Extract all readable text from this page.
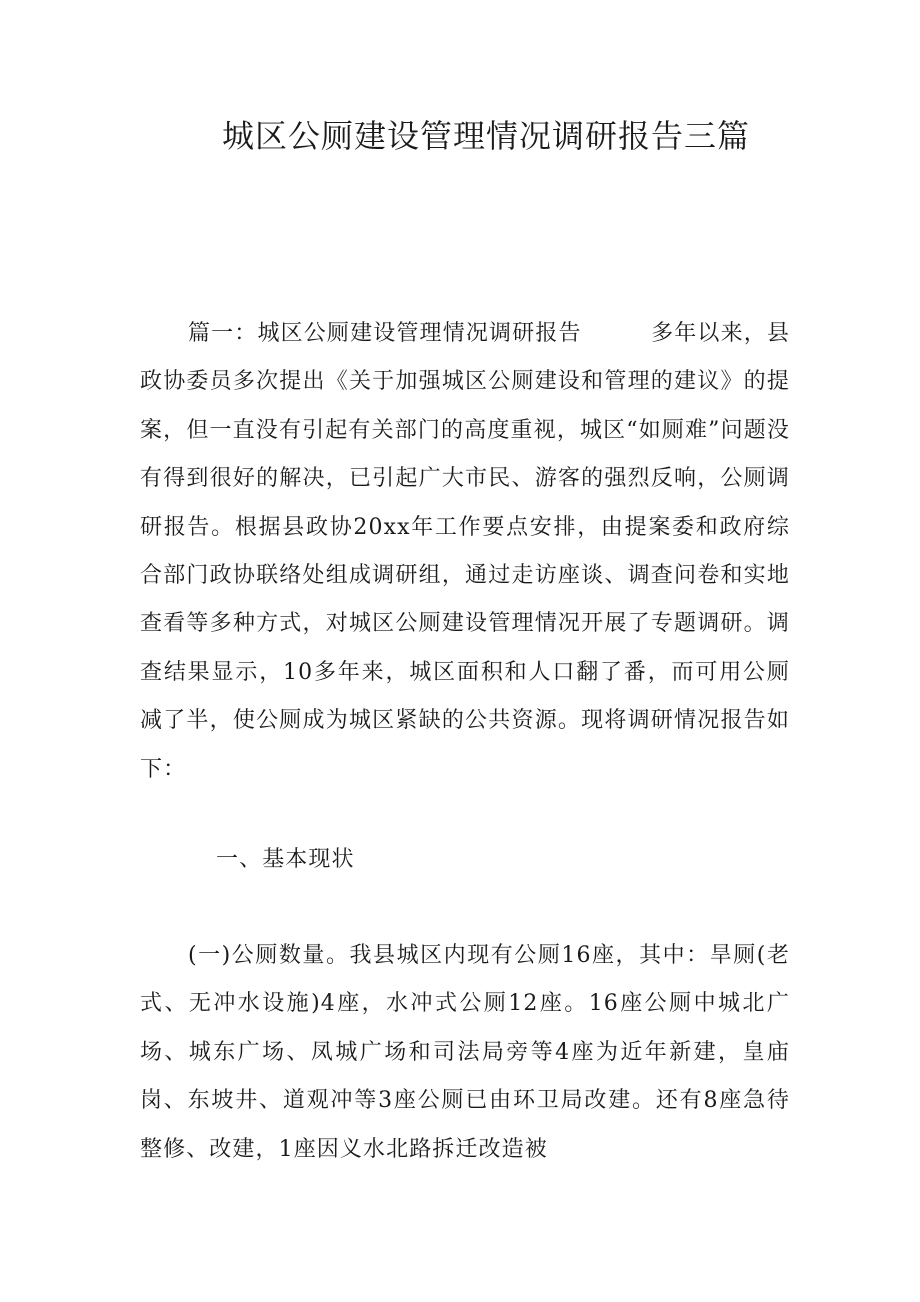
城区公厕建设管理情况调研报告三篇

篇一：城区公厕建设管理情况调研报告　　　多年以来，县政协委员多次提出《关于加强城区公厕建设和管理的建议》的提案，但一直没有引起有关部门的高度重视，城区“如厕难”问题没有得到很好的解决，已引起广大市民、游客的强烈反响，公厕调研报告。根据县政协20xx年工作要点安排，由提案委和政府综合部门政协联络处组成调研组，通过走访座谈、调查问卷和实地查看等多种方式，对城区公厕建设管理情况开展了专题调研。调查结果显示，10多年来，城区面积和人口翻了番，而可用公厕减了半，使公厕成为城区紧缺的公共资源。现将调研情况报告如下：

一、基本现状

(一)公厕数量。我县城区内现有公厕16座，其中：旱厕(老式、无冲水设施)4座，水冲式公厕12座。16座公厕中城北广场、城东广场、凤城广场和司法局旁等4座为近年新建，皇庙岗、东坡井、道观冲等3座公厕已由环卫局改建。还有8座急待整修、改建，1座因义水北路拆迁改造被
